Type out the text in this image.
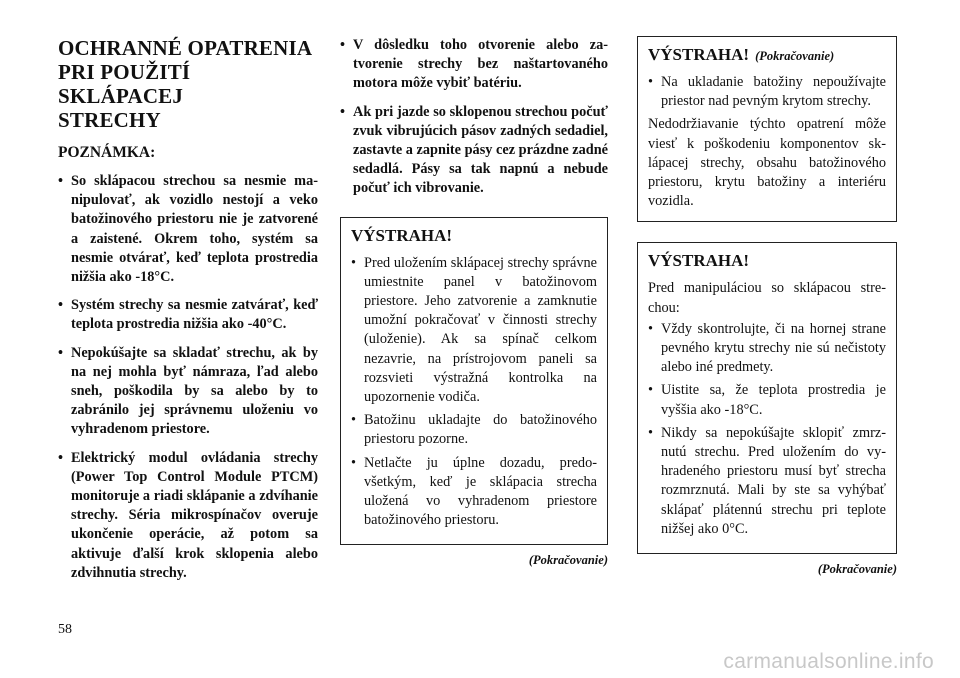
OCHRANNÉ OPATRENIA
PRI POUŽITÍ SKLÁPACEJ
STRECHY
POZNÁMKA:
• So sklápacou strechou sa nesmie manipulovať, ak vozidlo nestojí a veko batožinového priestoru nie je zatvorené a zaistené. Okrem toho, systém sa nesmie otvárať, keď teplota prostredia nižšia ako -18°C.
• Systém strechy sa nesmie zatvárať, keď teplota prostredia nižšia ako -40°C.
• Nepokúšajte sa skladať strechu, ak by na nej mohla byť námraza, ľad alebo sneh, poškodila by sa alebo by to zabránilo jej správnemu uloženiu vo vyhradenom priestore.
• Elektrický modul ovládania strechy (Power Top Control Module PTCM) monitoruje a riadi sklápanie a zdvíhanie strechy. Séria mikrospínačov overuje ukončenie operácie, až potom sa aktivuje ďalší krok sklopenia alebo zdvihnutia strechy.
• V dôsledku toho otvorenie alebo zatvorenie strechy bez naštartovaného motora môže vybiť batériu.
• Ak pri jazde so sklopenou strechou počuť zvuk vibrujúcich pásov zadných sedadiel, zastavte a zapnite pásy cez prázdne zadné sedadlá. Pásy sa tak napnú a nebude počuť ich vibrovanie.
VÝSTRAHA!
• Pred uložením sklápacej strechy správne umiestnite panel v batožinovom priestore. Jeho zatvorenie a zamknutie umožní pokračovať v činnosti strechy (uloženie). Ak sa spínač celkom nezavrie, na prístrojovom paneli sa rozsvieti výstražná kontrolka na upozornenie vodiča.
• Batožinu ukladajte do batožinového priestoru pozorne.
• Netlačte ju úplne dozadu, predovšetkým, keď je sklápacia strecha uložená vo vyhradenom priestore batožinového priestoru.
(Pokračovanie)
VÝSTRAHA! (Pokračovanie)
• Na ukladanie batožiny nepoužívajte priestor nad pevným krytom strechy.

Nedodržiavanie týchto opatrení môže viesť k poškodeniu komponentov sklápacej strechy, obsahu batožinového priestoru, krytu batožiny a interiéru vozidla.

VÝSTRAHA!

Pred manipuláciou so sklápacou strechou:

• Vždy skontrolujte, či na hornej strane pevného krytu strechy nie sú nečistoty alebo iné predmety.
• Uistite sa, že teplota prostredia je vyššia ako -18°C.
• Nikdy sa nepokúšajte sklopiť zmrznutú strechu. Pred uložením do vyhradeného priestoru musí byť strecha rozmrznutá. Mali by ste sa vyhýbať sklápať plátennú strechu pri teplote nižšej ako 0°C.
(Pokračovanie)
58
carmanualsonline.info
